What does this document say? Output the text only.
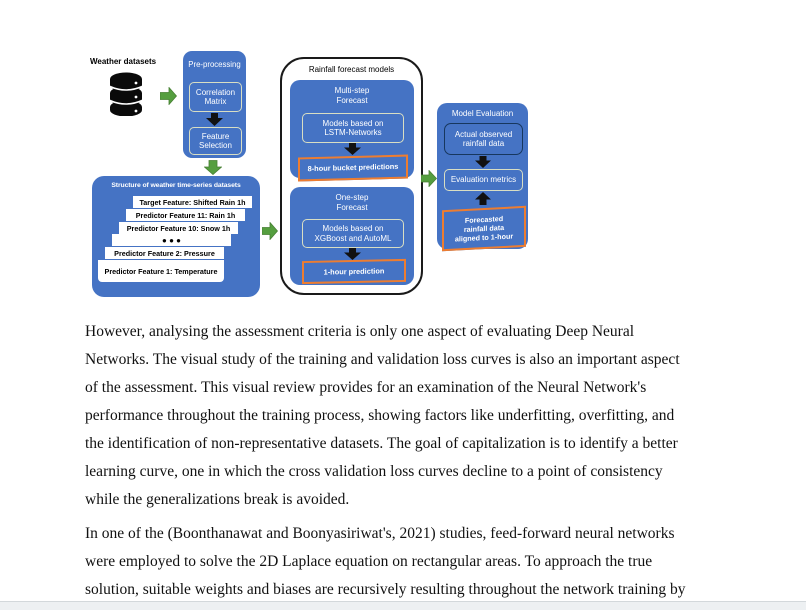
Weather datasets	Pre-processing
Correlation
Matrix
Feature
Selection
Structure of weather time-series datasets
Target Feature: Shifted Rain 1h
Predictor Feature 11: Rain 1h
Predictor Feature 10: Snow 1h
● ● ●
Predictor Feature 2: Pressure
Predictor Feature 1: Temperature
Rainfall forecast models
Multi-step
Forecast
Models based on
LSTM-Networks
8-hour bucket predictions
One-step
Forecast
Models based on
XGBoost and AutoML
1-hour prediction
Model Evaluation
Actual observed
rainfall data
Evaluation metrics
Forecasted
rainfall data
aligned to 1-hour
However, analysing the assessment criteria is only one aspect of evaluating Deep Neural
Networks. The visual study of the training and validation loss curves is also an important aspect
of the assessment. This visual review provides for an examination of the Neural Network's
performance throughout the training process, showing factors like underfitting, overfitting, and
the identification of non-representative datasets. The goal of capitalization is to identify a better
learning curve, one in which the cross validation loss curves decline to a point of consistency
while the generalizations break is avoided.
In one of the (Boonthanawat and Boonyasiriwat's, 2021) studies, feed-forward neural networks
were employed to solve the 2D Laplace equation on rectangular areas. To approach the true
solution, suitable weights and biases are recursively resulting throughout the network training by
